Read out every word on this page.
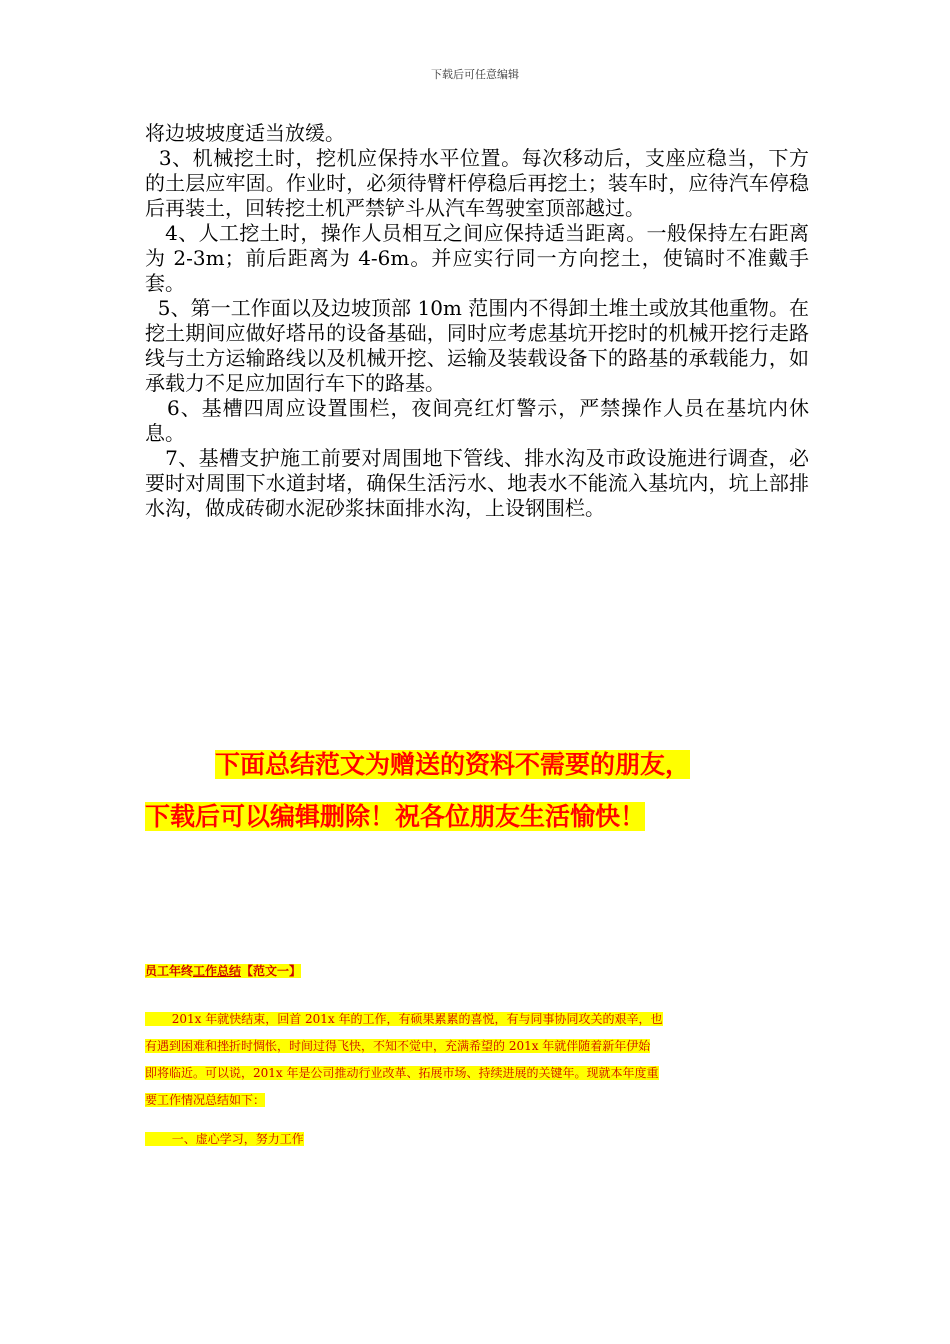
下载后可任意编辑

将边坡坡度适当放缓。

3、机械挖土时，挖机应保持水平位置。每次移动后，支座应稳当，下方的土层应牢固。作业时，必须待臂杆停稳后再挖土；装车时，应待汽车停稳后再装土，回转挖土机严禁铲斗从汽车驾驶室顶部越过。

4、人工挖土时，操作人员相互之间应保持适当距离。一般保持左右距离为 2-3m；前后距离为 4-6m。并应实行同一方向挖土，使镐时不准戴手套。

5、第一工作面以及边坡顶部 10m 范围内不得卸土堆土或放其他重物。在挖土期间应做好塔吊的设备基础，同时应考虑基坑开挖时的机械开挖行走路线与土方运输路线以及机械开挖、运输及装载设备下的路基的承载能力，如承载力不足应加固行车下的路基。

6、基槽四周应设置围栏，夜间亮红灯警示，严禁操作人员在基坑内休息。

7、基槽支护施工前要对周围地下管线、排水沟及市政设施进行调查，必要时对周围下水道封堵，确保生活污水、地表水不能流入基坑内，坑上部排水沟，做成砖砌水泥砂浆抹面排水沟，上设钢围栏。

下面总结范文为赠送的资料不需要的朋友，
下载后可以编辑删除！祝各位朋友生活愉快！
员工年终工作总结【范文一】
201x 年就快结束，回首 201x 年的工作，有硕果累累的喜悦，有与同事协同攻关的艰辛，也
有遇到困难和挫折时惆怅，时间过得飞快，不知不觉中，充满希望的 201x 年就伴随着新年伊始
即将临近。可以说，201x 年是公司推动行业改革、拓展市场、持续进展的关键年。现就本年度重
要工作情况总结如下：
一、虚心学习，努力工作
